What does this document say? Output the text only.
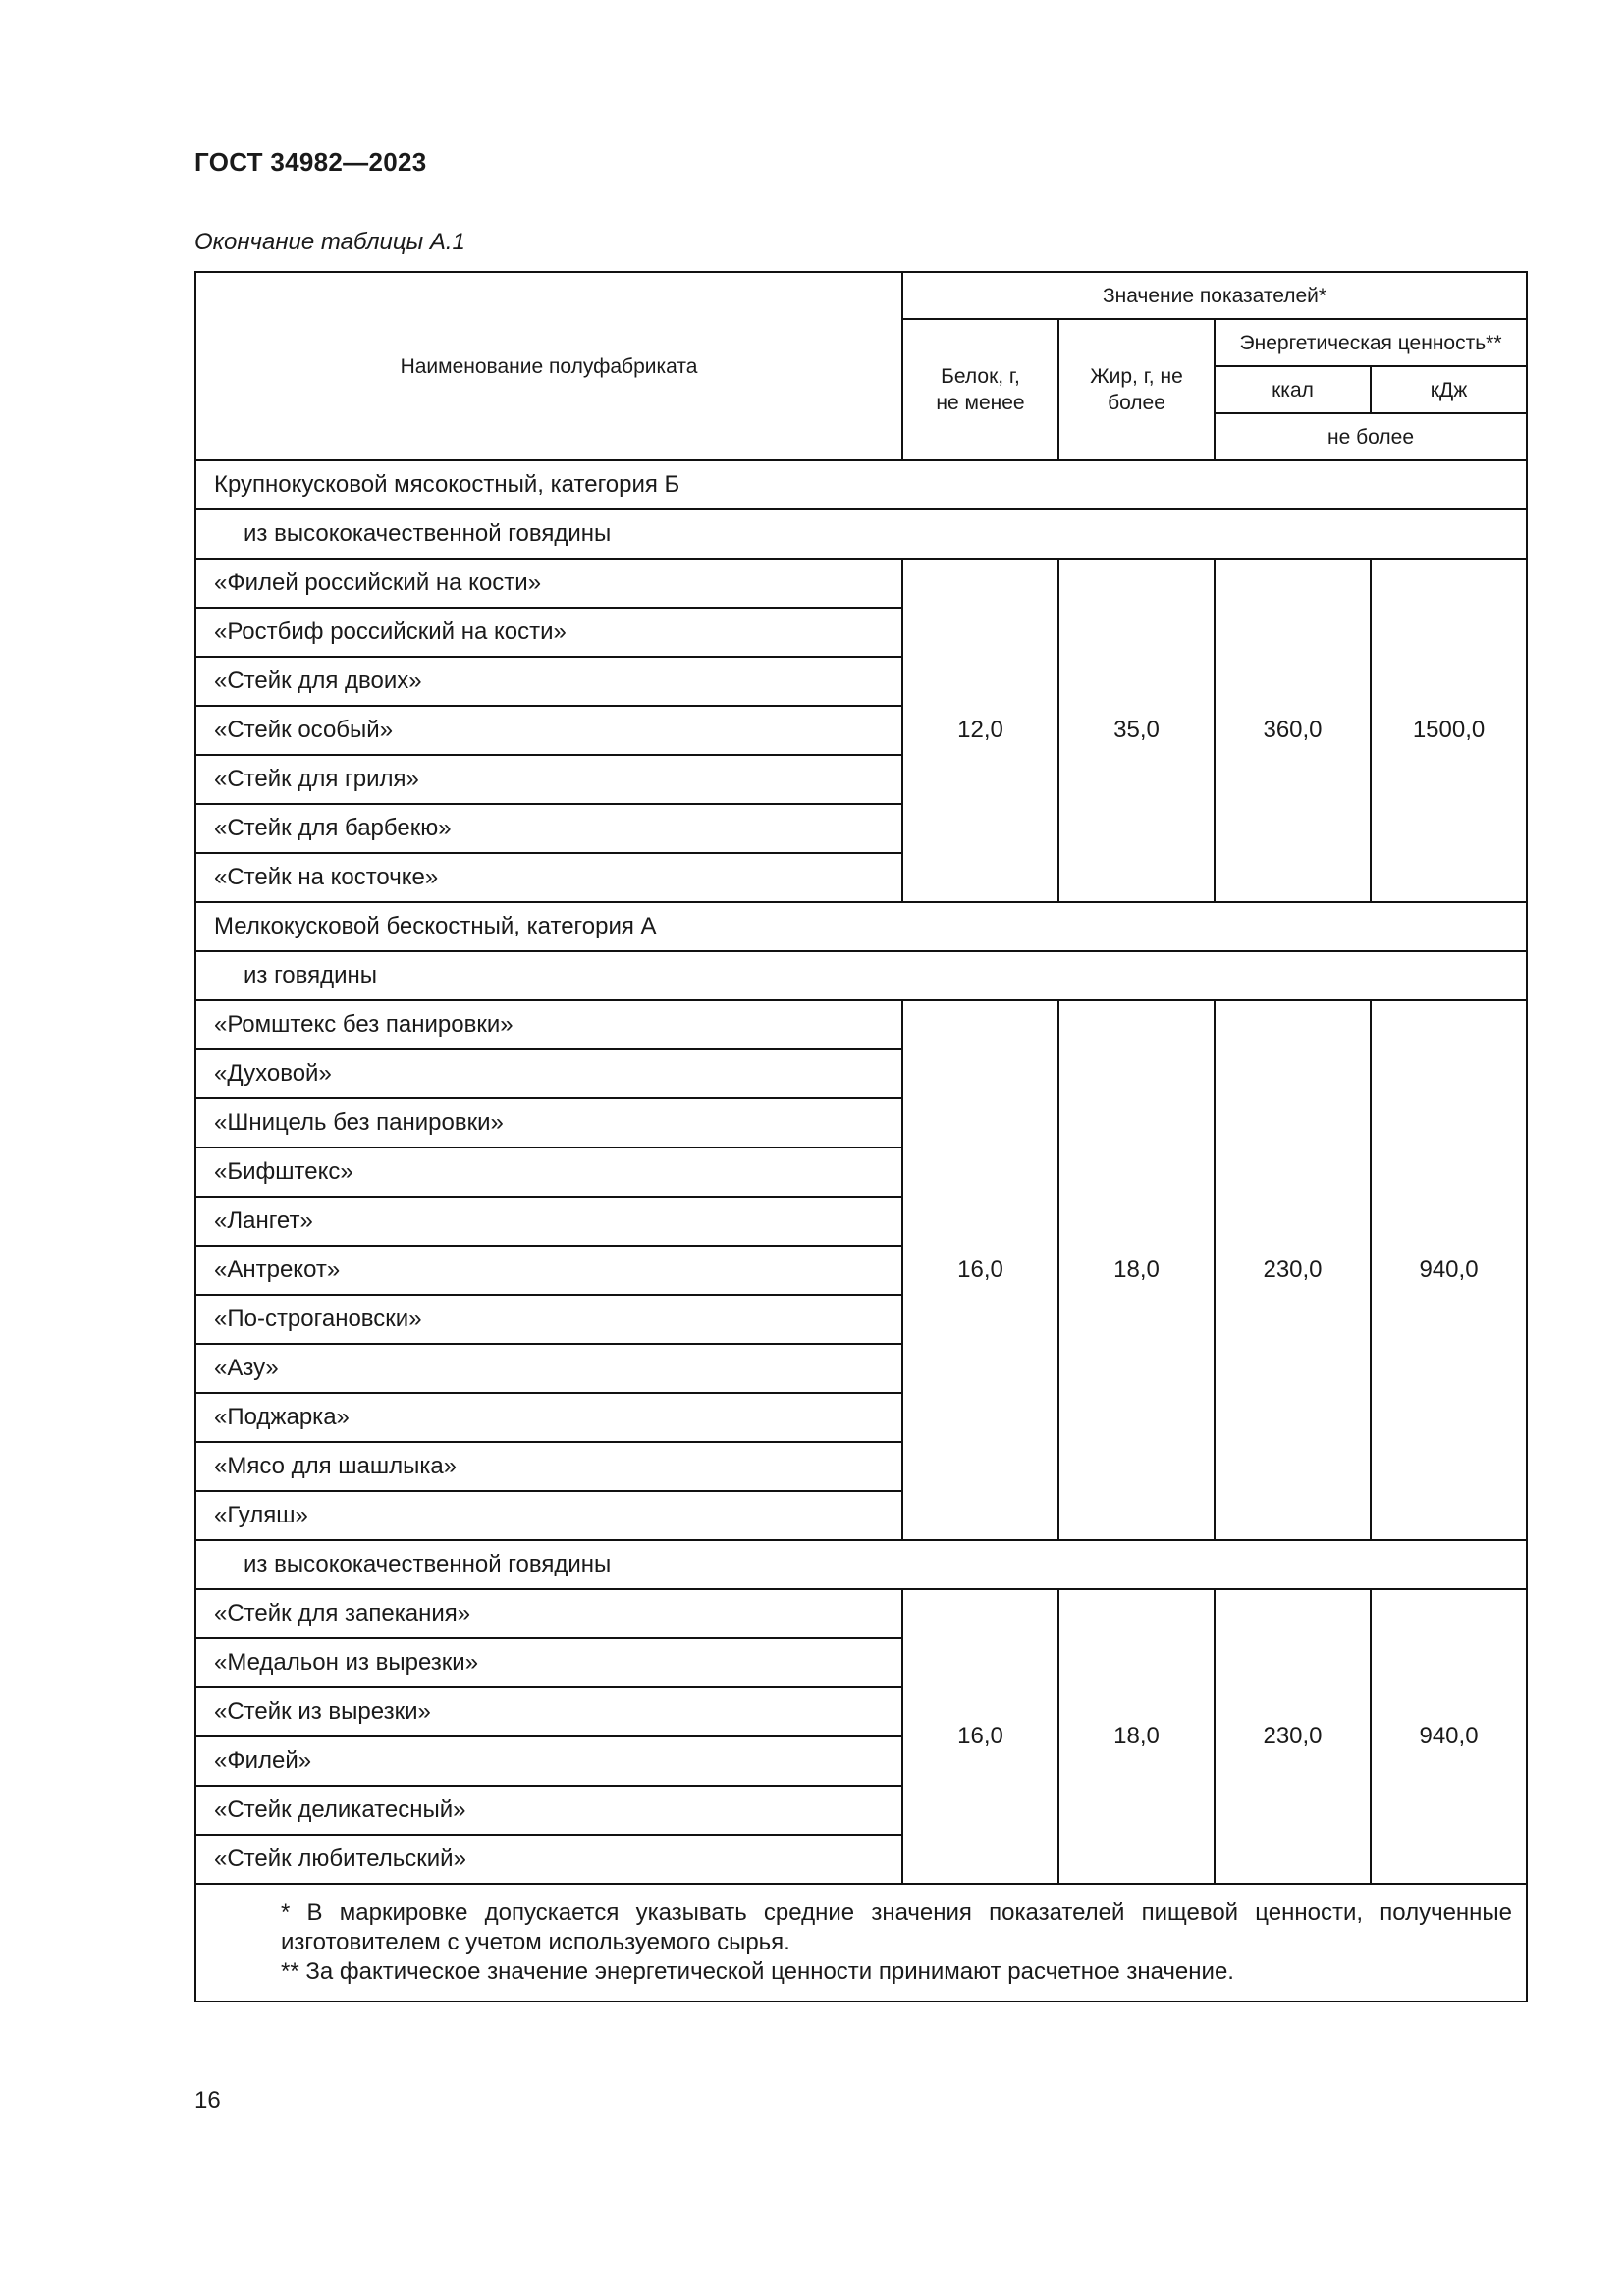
ГОСТ 34982—2023
Окончание таблицы А.1
Наименование полуфабриката	Значение показателей*			
	Белок, г, не менее	Жир, г, не более	Энергетическая ценность**	
			ккал	кДж
			не более	
Крупнокусковой мясокостный, категория Б				
из высококачественной говядины				
«Филей российский на кости»	12,0	35,0	360,0	1500,0
«Ростбиф российский на кости»				
«Стейк для двоих»				
«Стейк особый»				
«Стейк для гриля»				
«Стейк для барбекю»				
«Стейк на косточке»				
Мелкокусковой бескостный, категория А				
из говядины				
«Ромштекс без панировки»	16,0	18,0	230,0	940,0
«Духовой»				
«Шницель без панировки»				
«Бифштекс»				
«Лангет»				
«Антрекот»				
«По-строгановски»				
«Азу»				
«Поджарка»				
«Мясо для шашлыка»				
«Гуляш»				
из высококачественной говядины				
«Стейк для запекания»	16,0	18,0	230,0	940,0
«Медальон из вырезки»				
«Стейк из вырезки»				
«Филей»				
«Стейк деликатесный»				
«Стейк любительский»				

* В маркировке допускается указывать средние значения показателей пищевой ценности, полученные изготовителем с учетом используемого сырья.

** За фактическое значение энергетической ценности принимают расчетное значение.				

16
